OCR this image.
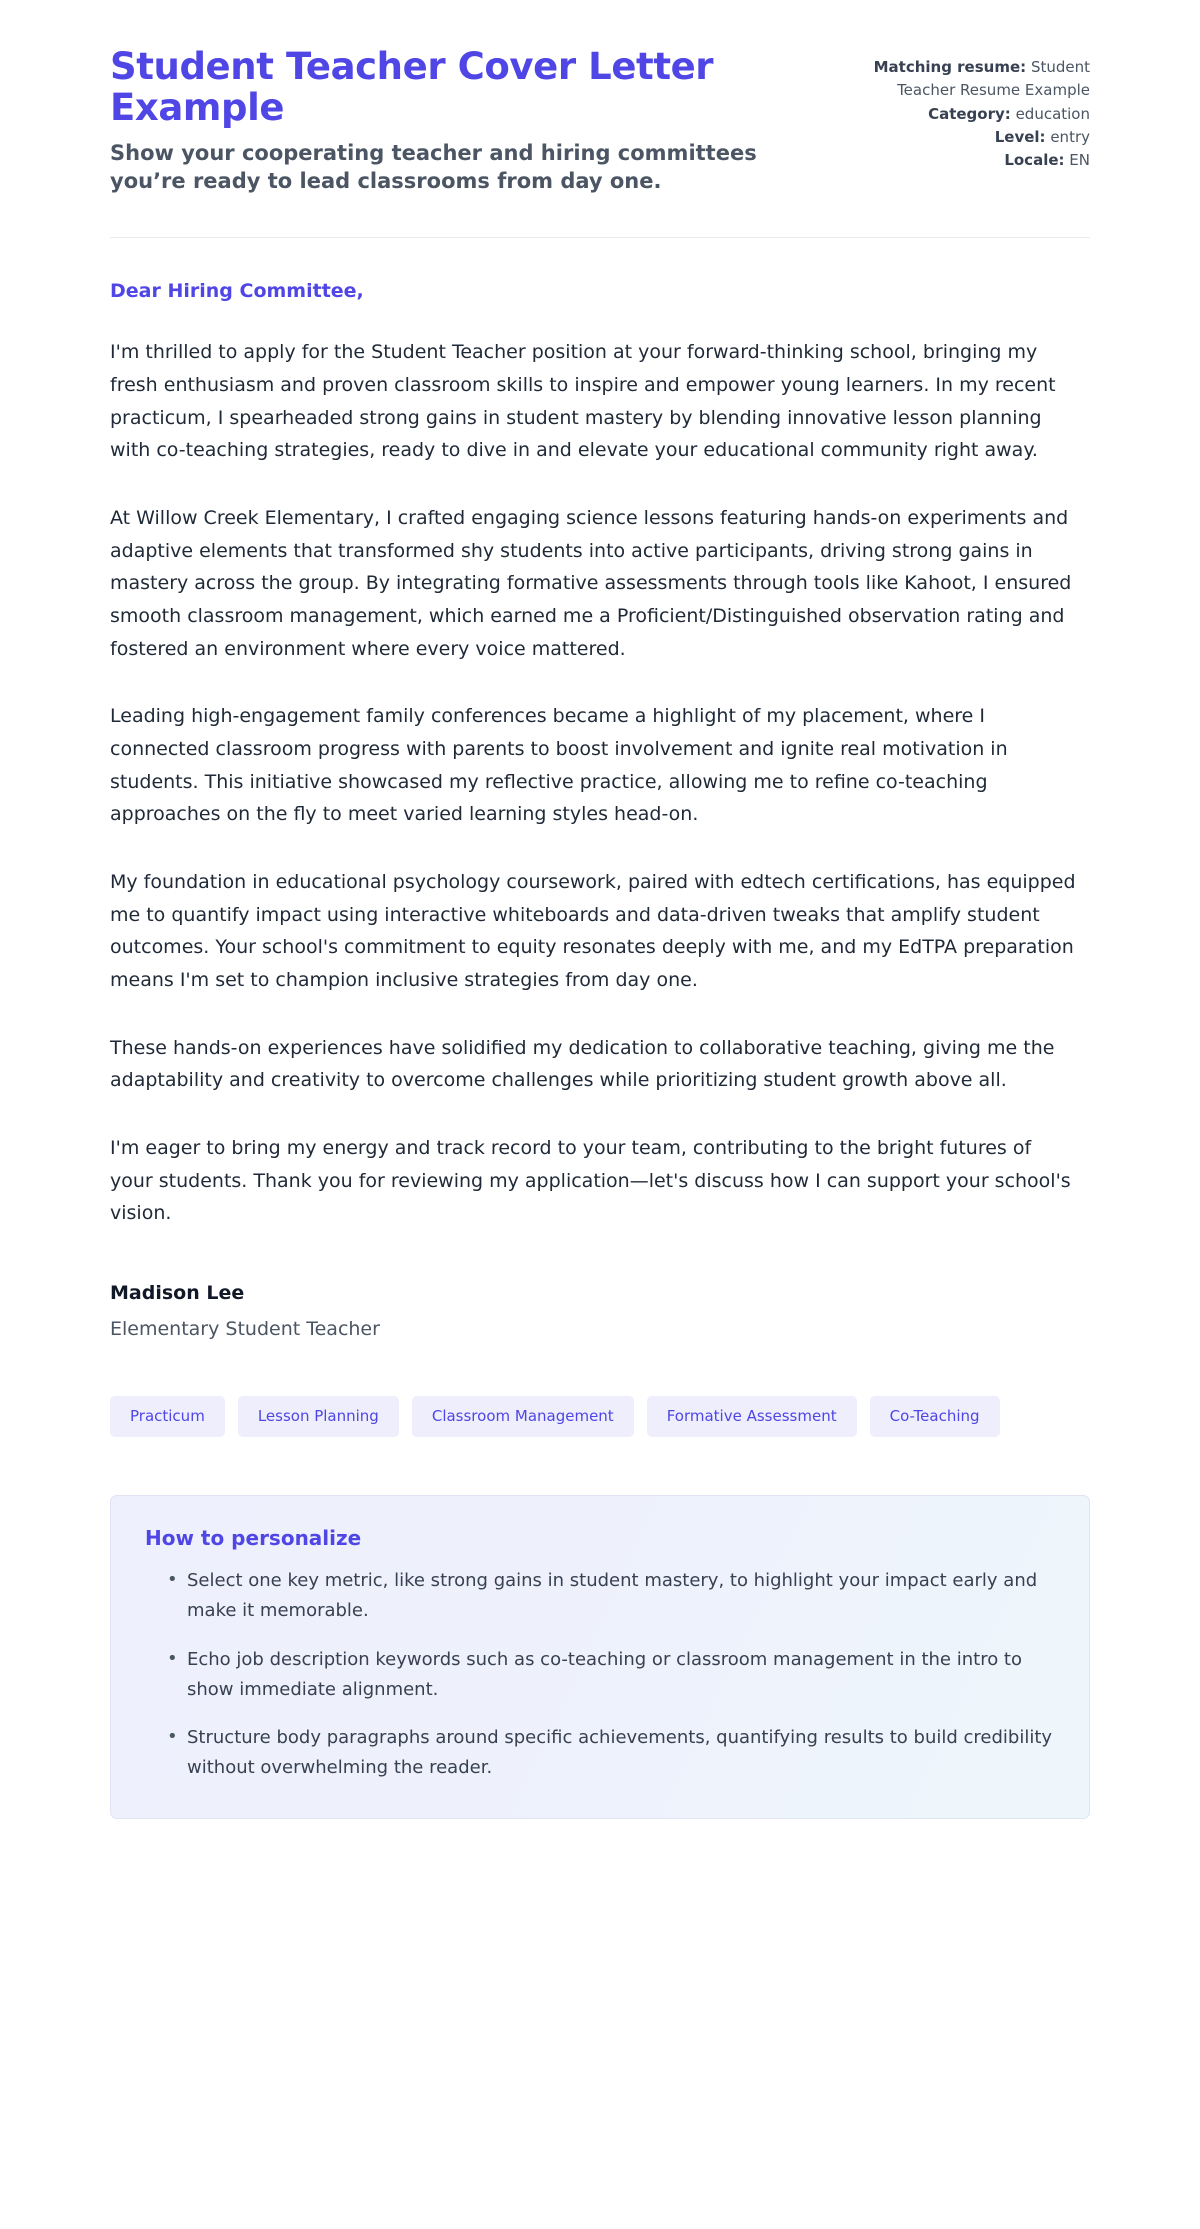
Student Teacher Cover Letter Example

Show your cooperating teacher and hiring committees you’re ready to lead classrooms from day one.

Matching resume: Student Teacher Resume Example
Category: education
Level: entry
Locale: EN

Dear Hiring Committee,

I'm thrilled to apply for the Student Teacher position at your forward-thinking school, bringing my fresh enthusiasm and proven classroom skills to inspire and empower young learners. In my recent practicum, I spearheaded strong gains in student mastery by blending innovative lesson planning with co-teaching strategies, ready to dive in and elevate your educational community right away.

At Willow Creek Elementary, I crafted engaging science lessons featuring hands-on experiments and adaptive elements that transformed shy students into active participants, driving strong gains in mastery across the group. By integrating formative assessments through tools like Kahoot, I ensured smooth classroom management, which earned me a Proficient/Distinguished observation rating and fostered an environment where every voice mattered.

Leading high-engagement family conferences became a highlight of my placement, where I connected classroom progress with parents to boost involvement and ignite real motivation in students. This initiative showcased my reflective practice, allowing me to refine co-teaching approaches on the fly to meet varied learning styles head-on.

My foundation in educational psychology coursework, paired with edtech certifications, has equipped me to quantify impact using interactive whiteboards and data-driven tweaks that amplify student outcomes. Your school's commitment to equity resonates deeply with me, and my EdTPA preparation means I'm set to champion inclusive strategies from day one.

These hands-on experiences have solidified my dedication to collaborative teaching, giving me the adaptability and creativity to overcome challenges while prioritizing student growth above all.

I'm eager to bring my energy and track record to your team, contributing to the bright futures of your students. Thank you for reviewing my application—let's discuss how I can support your school's vision.

Madison Lee

Elementary Student Teacher

Practicum	Lesson Planning	Classroom Management	Formative Assessment	Co-Teaching

How to personalize

• Select one key metric, like strong gains in student mastery, to highlight your impact early and make it memorable.
• Echo job description keywords such as co-teaching or classroom management in the intro to show immediate alignment.
• Structure body paragraphs around specific achievements, quantifying results to build credibility without overwhelming the reader.
